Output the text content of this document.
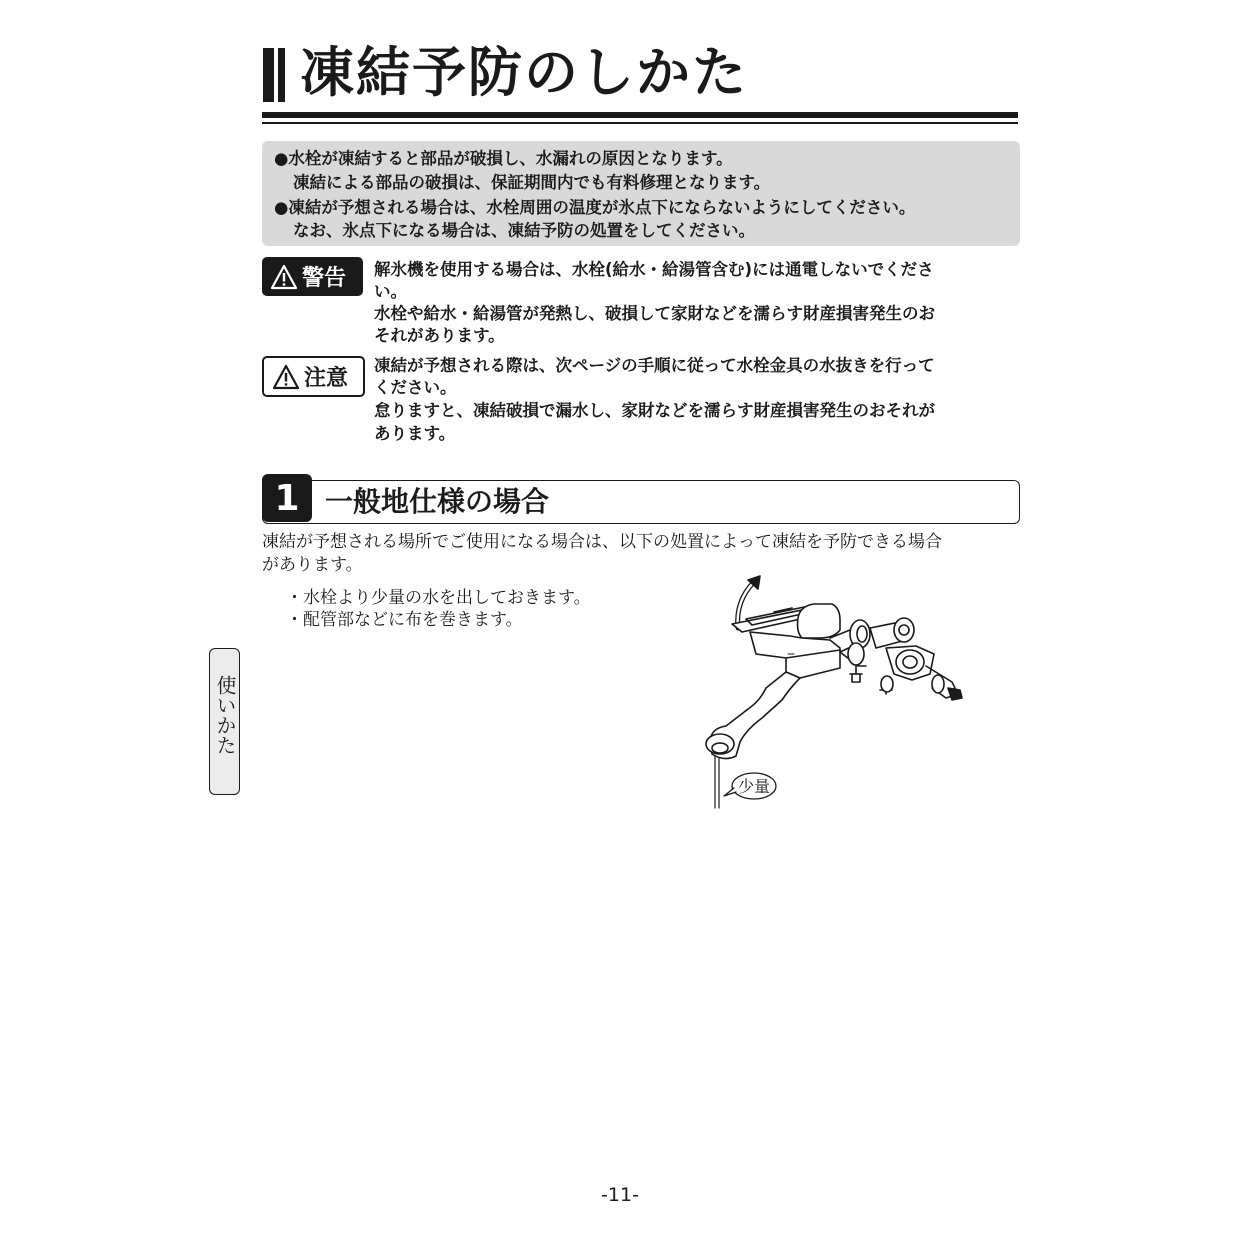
凍結予防のしかた
●水栓が凍結すると部品が破損し、水漏れの原因となります。
凍結による部品の破損は、保証期間内でも有料修理となります。
●凍結が予想される場合は、水栓周囲の温度が氷点下にならないようにしてください。
なお、氷点下になる場合は、凍結予防の処置をしてください。
警告 解氷機を使用する場合は、水栓(給水・給湯管含む)には通電しないでくださ
い。
水栓や給水・給湯管が発熱し、破損して家財などを濡らす財産損害発生のお
それがあります。
注意
凍結が予想される際は、次ページの手順に従って水栓金具の水抜きを行って
ください。
怠りますと、凍結破損で漏水し、家財などを濡らす財産損害発生のおそれが
あります。
1 一般地仕様の場合
凍結が予想される場所でご使用になる場合は、以下の処置によって凍結を予防できる場合
があります。
・水栓より少量の水を出しておきます。
・配管部などに布を巻きます。
少量
使いかた
-11-
